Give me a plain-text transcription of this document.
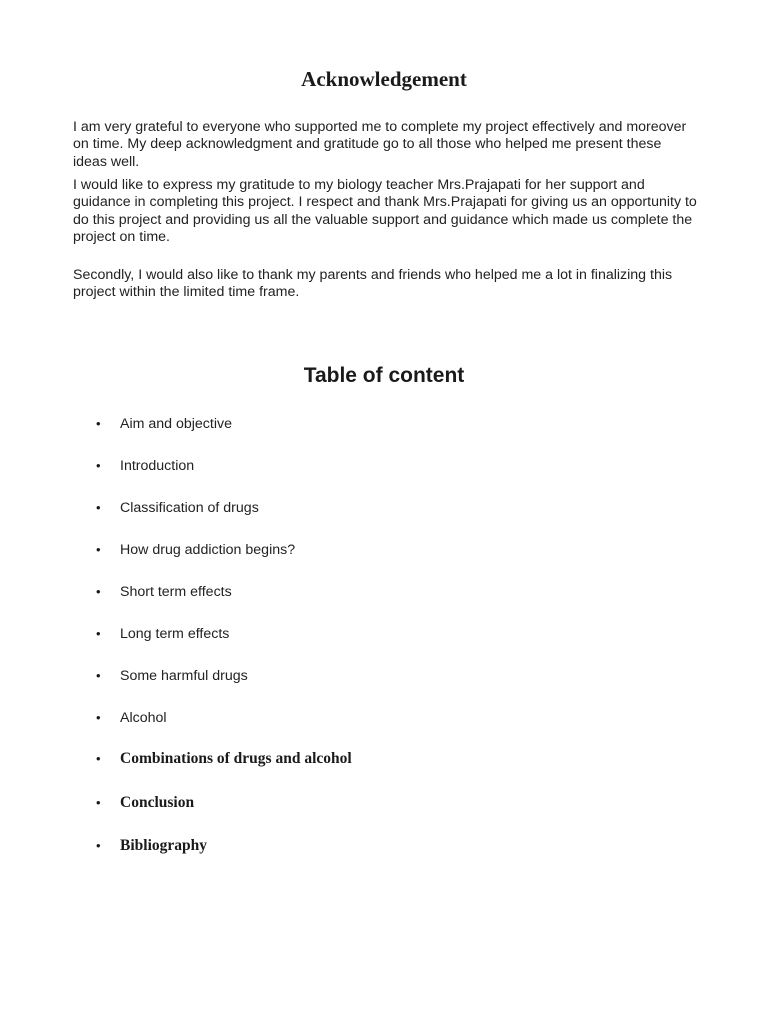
Acknowledgement

I am very grateful to everyone who supported me to complete my project effectively and moreover on time. My deep acknowledgment and gratitude go to all those who helped me present these ideas well.

I would like to express my gratitude to my biology teacher Mrs.Prajapati for her support and guidance in completing this project. I respect and thank Mrs.Prajapati for giving us an opportunity to do this project and providing us all the valuable support and guidance which made us complete the project on time.

Secondly, I would also like to thank my parents and friends who helped me a lot in finalizing this project within the limited time frame.

Table of content
•	Aim and objective
•	Introduction
•	Classification of drugs
•	How drug addiction begins?
•	Short term effects
•	Long term effects
•	Some harmful drugs
•	Alcohol
•	Combinations of drugs and alcohol
•	Conclusion
•	Bibliography
